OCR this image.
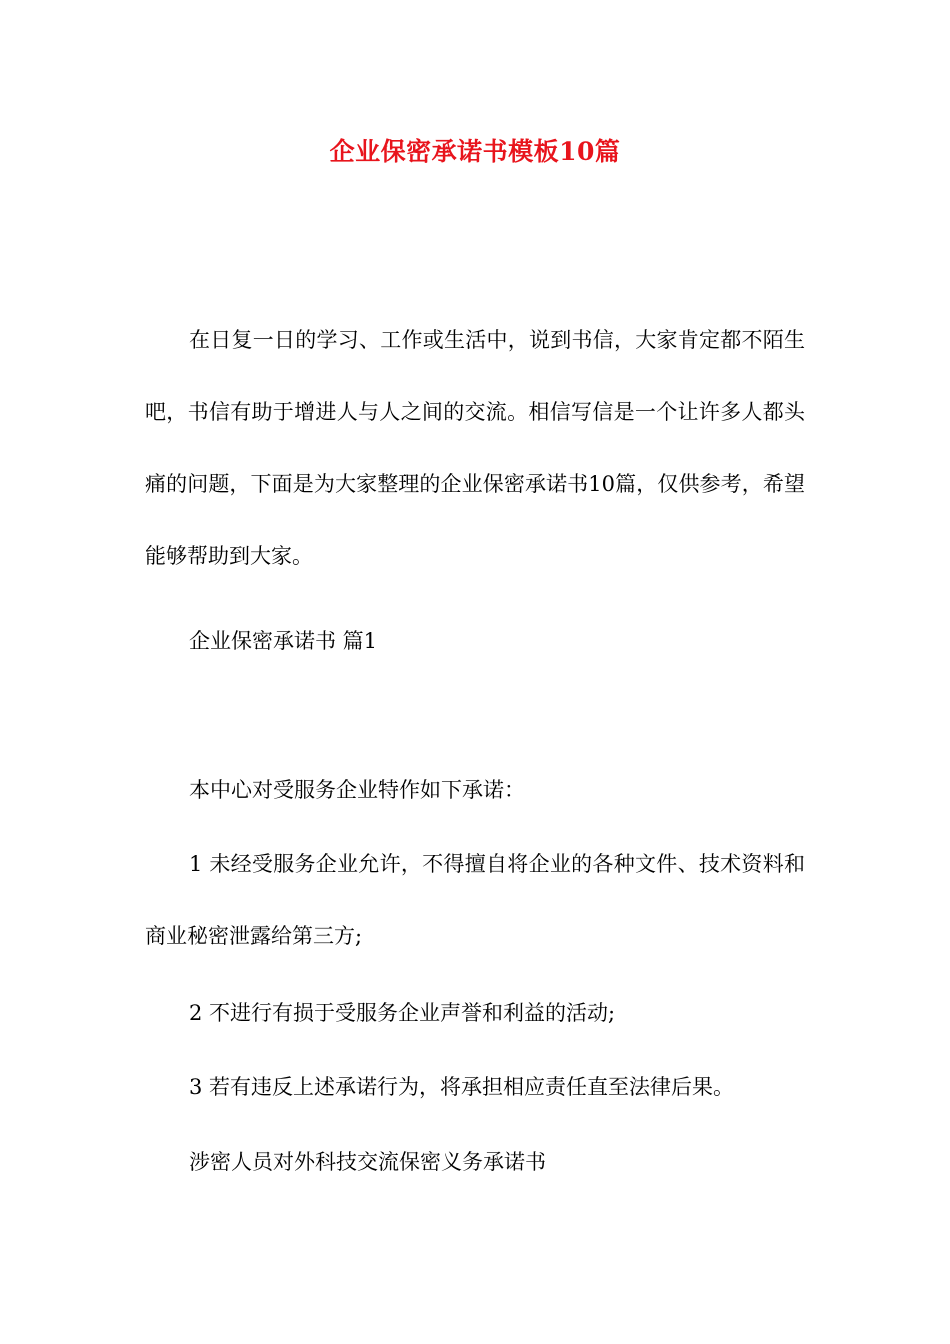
企业保密承诺书模板10篇

在日复一日的学习、工作或生活中，说到书信，大家肯定都不陌生吧，书信有助于增进人与人之间的交流。相信写信是一个让许多人都头痛的问题，下面是为大家整理的企业保密承诺书10篇，仅供参考，希望能够帮助到大家。

企业保密承诺书 篇1
本中心对受服务企业特作如下承诺：

1 未经受服务企业允许，不得擅自将企业的各种文件、技术资料和商业秘密泄露给第三方;

2 不进行有损于受服务企业声誉和利益的活动;
3 若有违反上述承诺行为，将承担相应责任直至法律后果。
涉密人员对外科技交流保密义务承诺书
